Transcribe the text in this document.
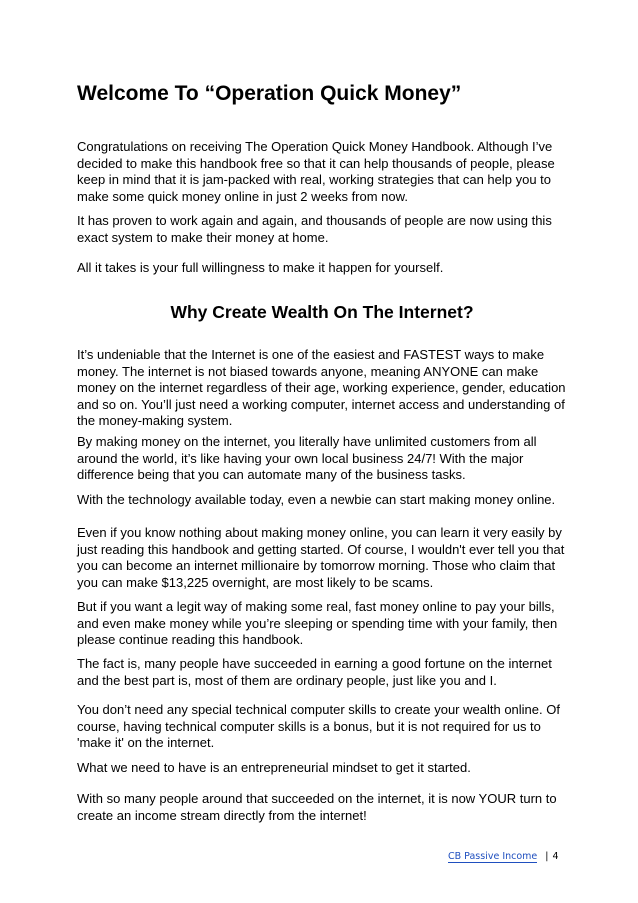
Welcome To “Operation Quick Money”

Congratulations on receiving The Operation Quick Money Handbook. Although I’ve
decided to make this handbook free so that it can help thousands of people, please
keep in mind that it is jam-packed with real, working strategies that can help you to
make some quick money online in just 2 weeks from now.

It has proven to work again and again, and thousands of people are now using this
exact system to make their money at home.

All it takes is your full willingness to make it happen for yourself.

Why Create Wealth On The Internet?

It’s undeniable that the Internet is one of the easiest and FASTEST ways to make
money. The internet is not biased towards anyone, meaning ANYONE can make
money on the internet regardless of their age, working experience, gender, education
and so on. You’ll just need a working computer, internet access and understanding of
the money-making system.

By making money on the internet, you literally have unlimited customers from all
around the world, it’s like having your own local business 24/7! With the major
difference being that you can automate many of the business tasks.

With the technology available today, even a newbie can start making money online.

Even if you know nothing about making money online, you can learn it very easily by
just reading this handbook and getting started. Of course, I wouldn't ever tell you that
you can become an internet millionaire by tomorrow morning. Those who claim that
you can make $13,225 overnight, are most likely to be scams.

But if you want a legit way of making some real, fast money online to pay your bills,
and even make money while you’re sleeping or spending time with your family, then
please continue reading this handbook.

The fact is, many people have succeeded in earning a good fortune on the internet
and the best part is, most of them are ordinary people, just like you and I.

You don’t need any special technical computer skills to create your wealth online. Of
course, having technical computer skills is a bonus, but it is not required for us to
'make it' on the internet.

What we need to have is an entrepreneurial mindset to get it started.

With so many people around that succeeded on the internet, it is now YOUR turn to
create an income stream directly from the internet!

CB Passive Income | 4
